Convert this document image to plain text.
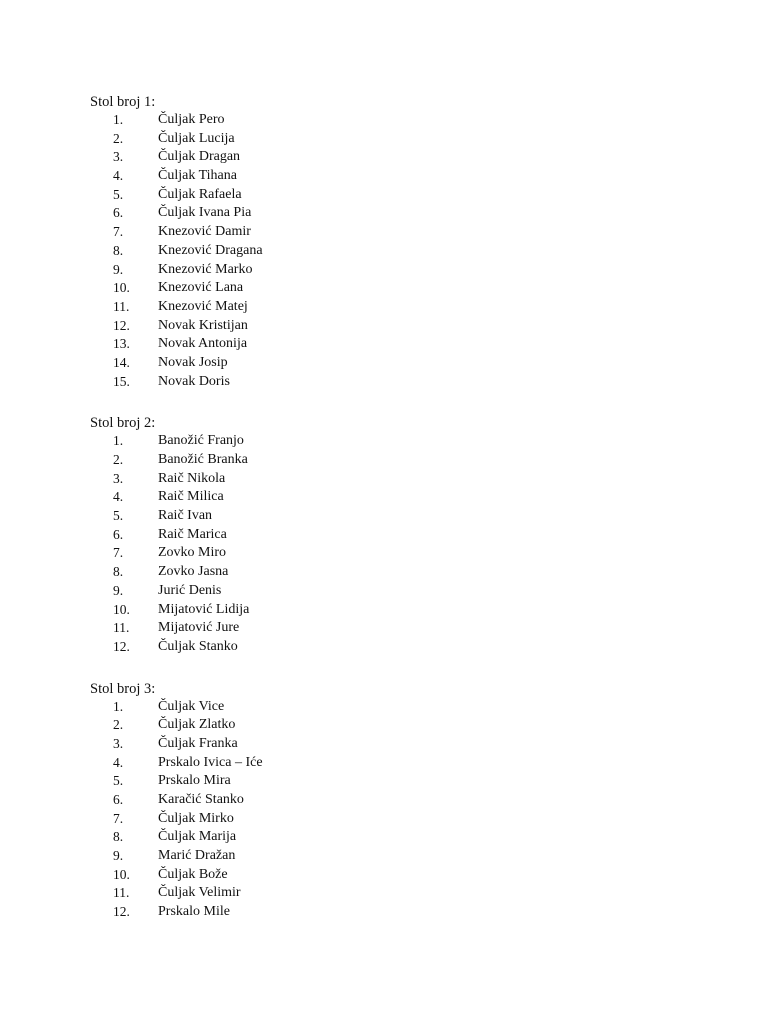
Stol broj 1:
1.	Čuljak Pero
2.	Čuljak Lucija
3.	Čuljak Dragan
4.	Čuljak Tihana
5.	Čuljak Rafaela
6.	Čuljak Ivana Pia
7.	Knezović Damir
8.	Knezović Dragana
9.	Knezović Marko
10.	Knezović Lana
11.	Knezović Matej
12.	Novak Kristijan
13.	Novak Antonija
14.	Novak Josip
15.	Novak Doris
Stol broj 2:
1.	Banožić Franjo
2.	Banožić Branka
3.	Raič Nikola
4.	Raič Milica
5.	Raič Ivan
6.	Raič Marica
7.	Zovko Miro
8.	Zovko Jasna
9.	Jurić Denis
10.	Mijatović Lidija
11.	Mijatović Jure
12.	Čuljak Stanko
Stol broj 3:
1.	Čuljak Vice
2.	Čuljak Zlatko
3.	Čuljak Franka
4.	Prskalo Ivica – Iće
5.	Prskalo Mira
6.	Karačić Stanko
7.	Čuljak Mirko
8.	Čuljak Marija
9.	Marić Dražan
10.	Čuljak Bože
11.	Čuljak Velimir
12.	Prskalo Mile
